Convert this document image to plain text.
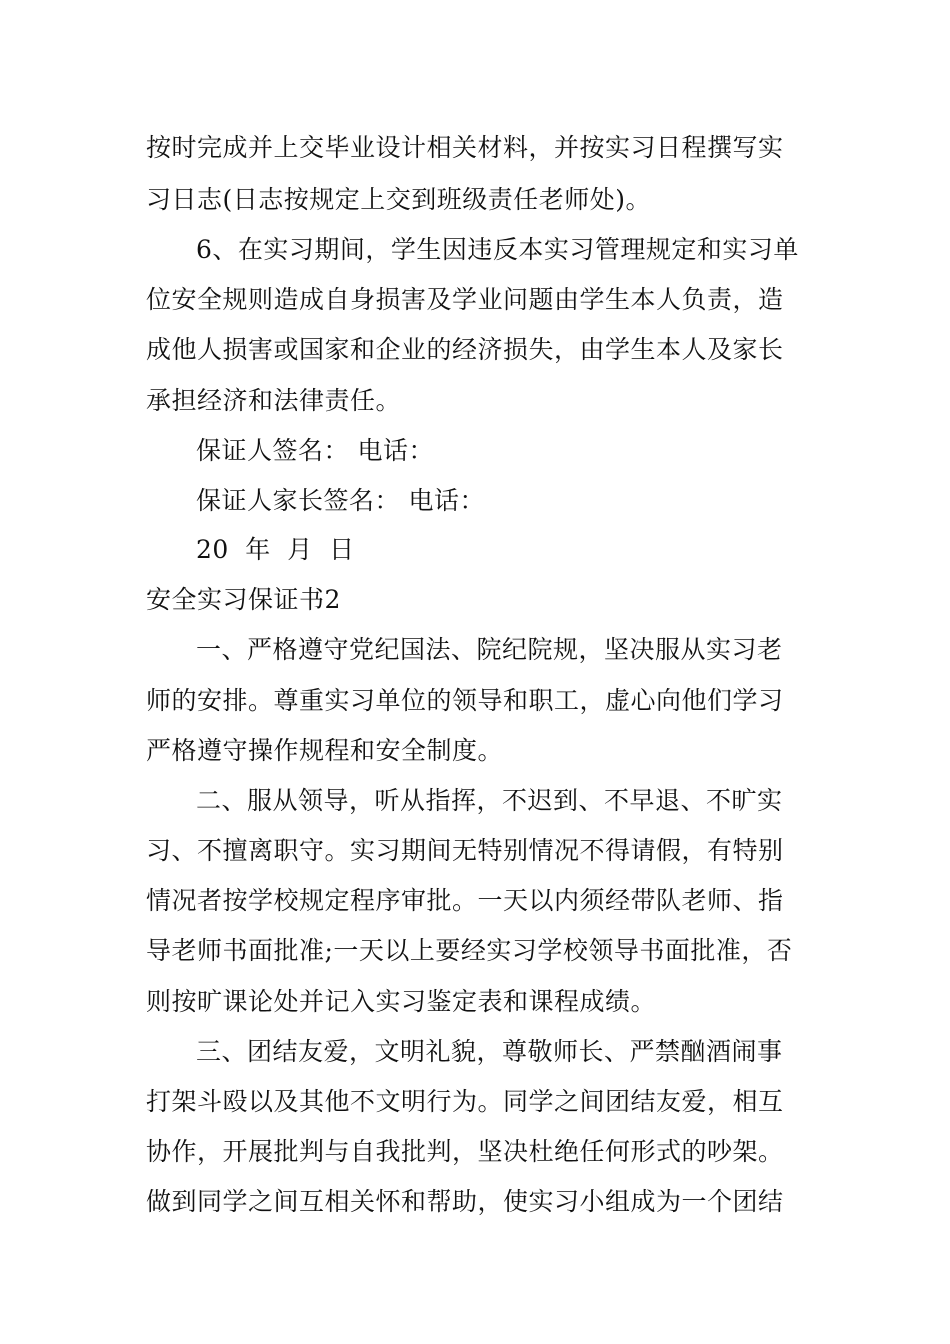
按时完成并上交毕业设计相关材料，并按实习日程撰写实
习日志(日志按规定上交到班级责任老师处)。
6、在实习期间，学生因违反本实习管理规定和实习单
位安全规则造成自身损害及学业问题由学生本人负责，造
成他人损害或国家和企业的经济损失，由学生本人及家长
承担经济和法律责任。
保证人签名： 电话：
保证人家长签名： 电话：
20 年 月 日
安全实习保证书2
一、严格遵守党纪国法、院纪院规，坚决服从实习老
师的安排。尊重实习单位的领导和职工，虚心向他们学习
严格遵守操作规程和安全制度。
二、服从领导，听从指挥，不迟到、不早退、不旷实
习、不擅离职守。实习期间无特别情况不得请假，有特别
情况者按学校规定程序审批。一天以内须经带队老师、指
导老师书面批准;一天以上要经实习学校领导书面批准，否
则按旷课论处并记入实习鉴定表和课程成绩。
三、团结友爱，文明礼貌，尊敬师长、严禁酗酒闹事
打架斗殴以及其他不文明行为。同学之间团结友爱，相互
协作，开展批判与自我批判，坚决杜绝任何形式的吵架。
做到同学之间互相关怀和帮助，使实习小组成为一个团结
